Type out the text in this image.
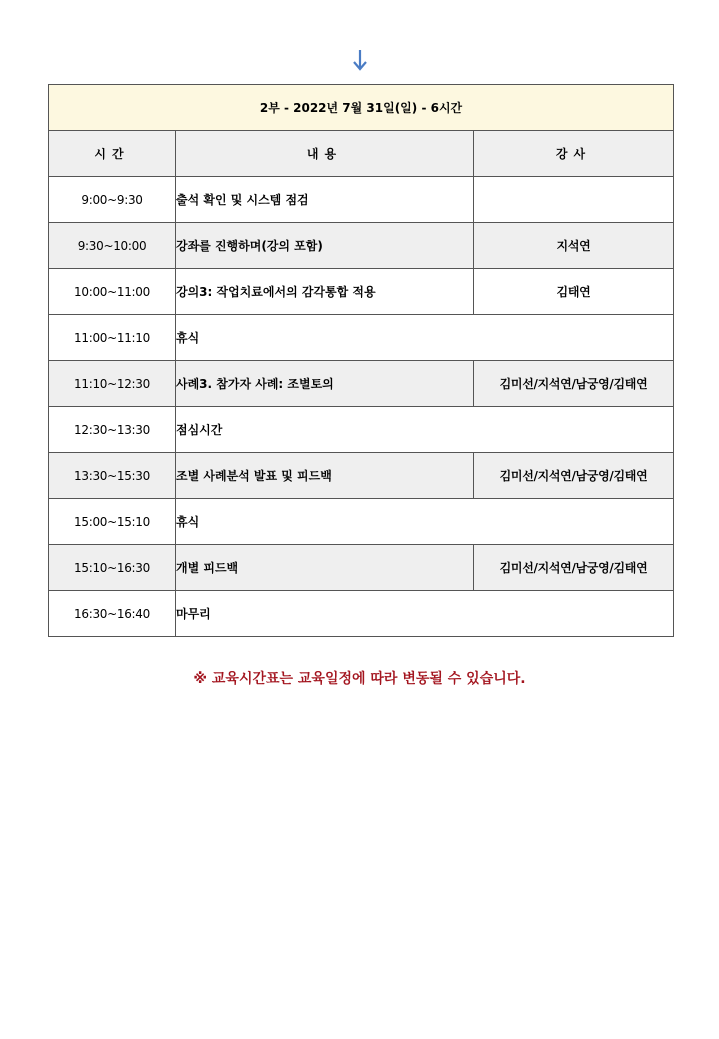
2부 - 2022년 7월 31일(일) - 6시간		
시간	내용	강사
9:00~9:30	출석 확인 및 시스템 점검	
9:30~10:00	강좌를 진행하며(강의 포함)	지석연
10:00~11:00	강의3: 작업치료에서의 감각통합 적용	김태연
11:00~11:10	휴식	
11:10~12:30	사례3. 참가자 사례: 조별토의	김미선/지석연/남궁영/김태연
12:30~13:30	점심시간	
13:30~15:30	조별 사례분석 발표 및 피드백	김미선/지석연/남궁영/김태연
15:00~15:10	휴식	
15:10~16:30	개별 피드백	김미선/지석연/남궁영/김태연
16:30~16:40	마무리	
※ 교육시간표는 교육일정에 따라 변동될 수 있습니다.
